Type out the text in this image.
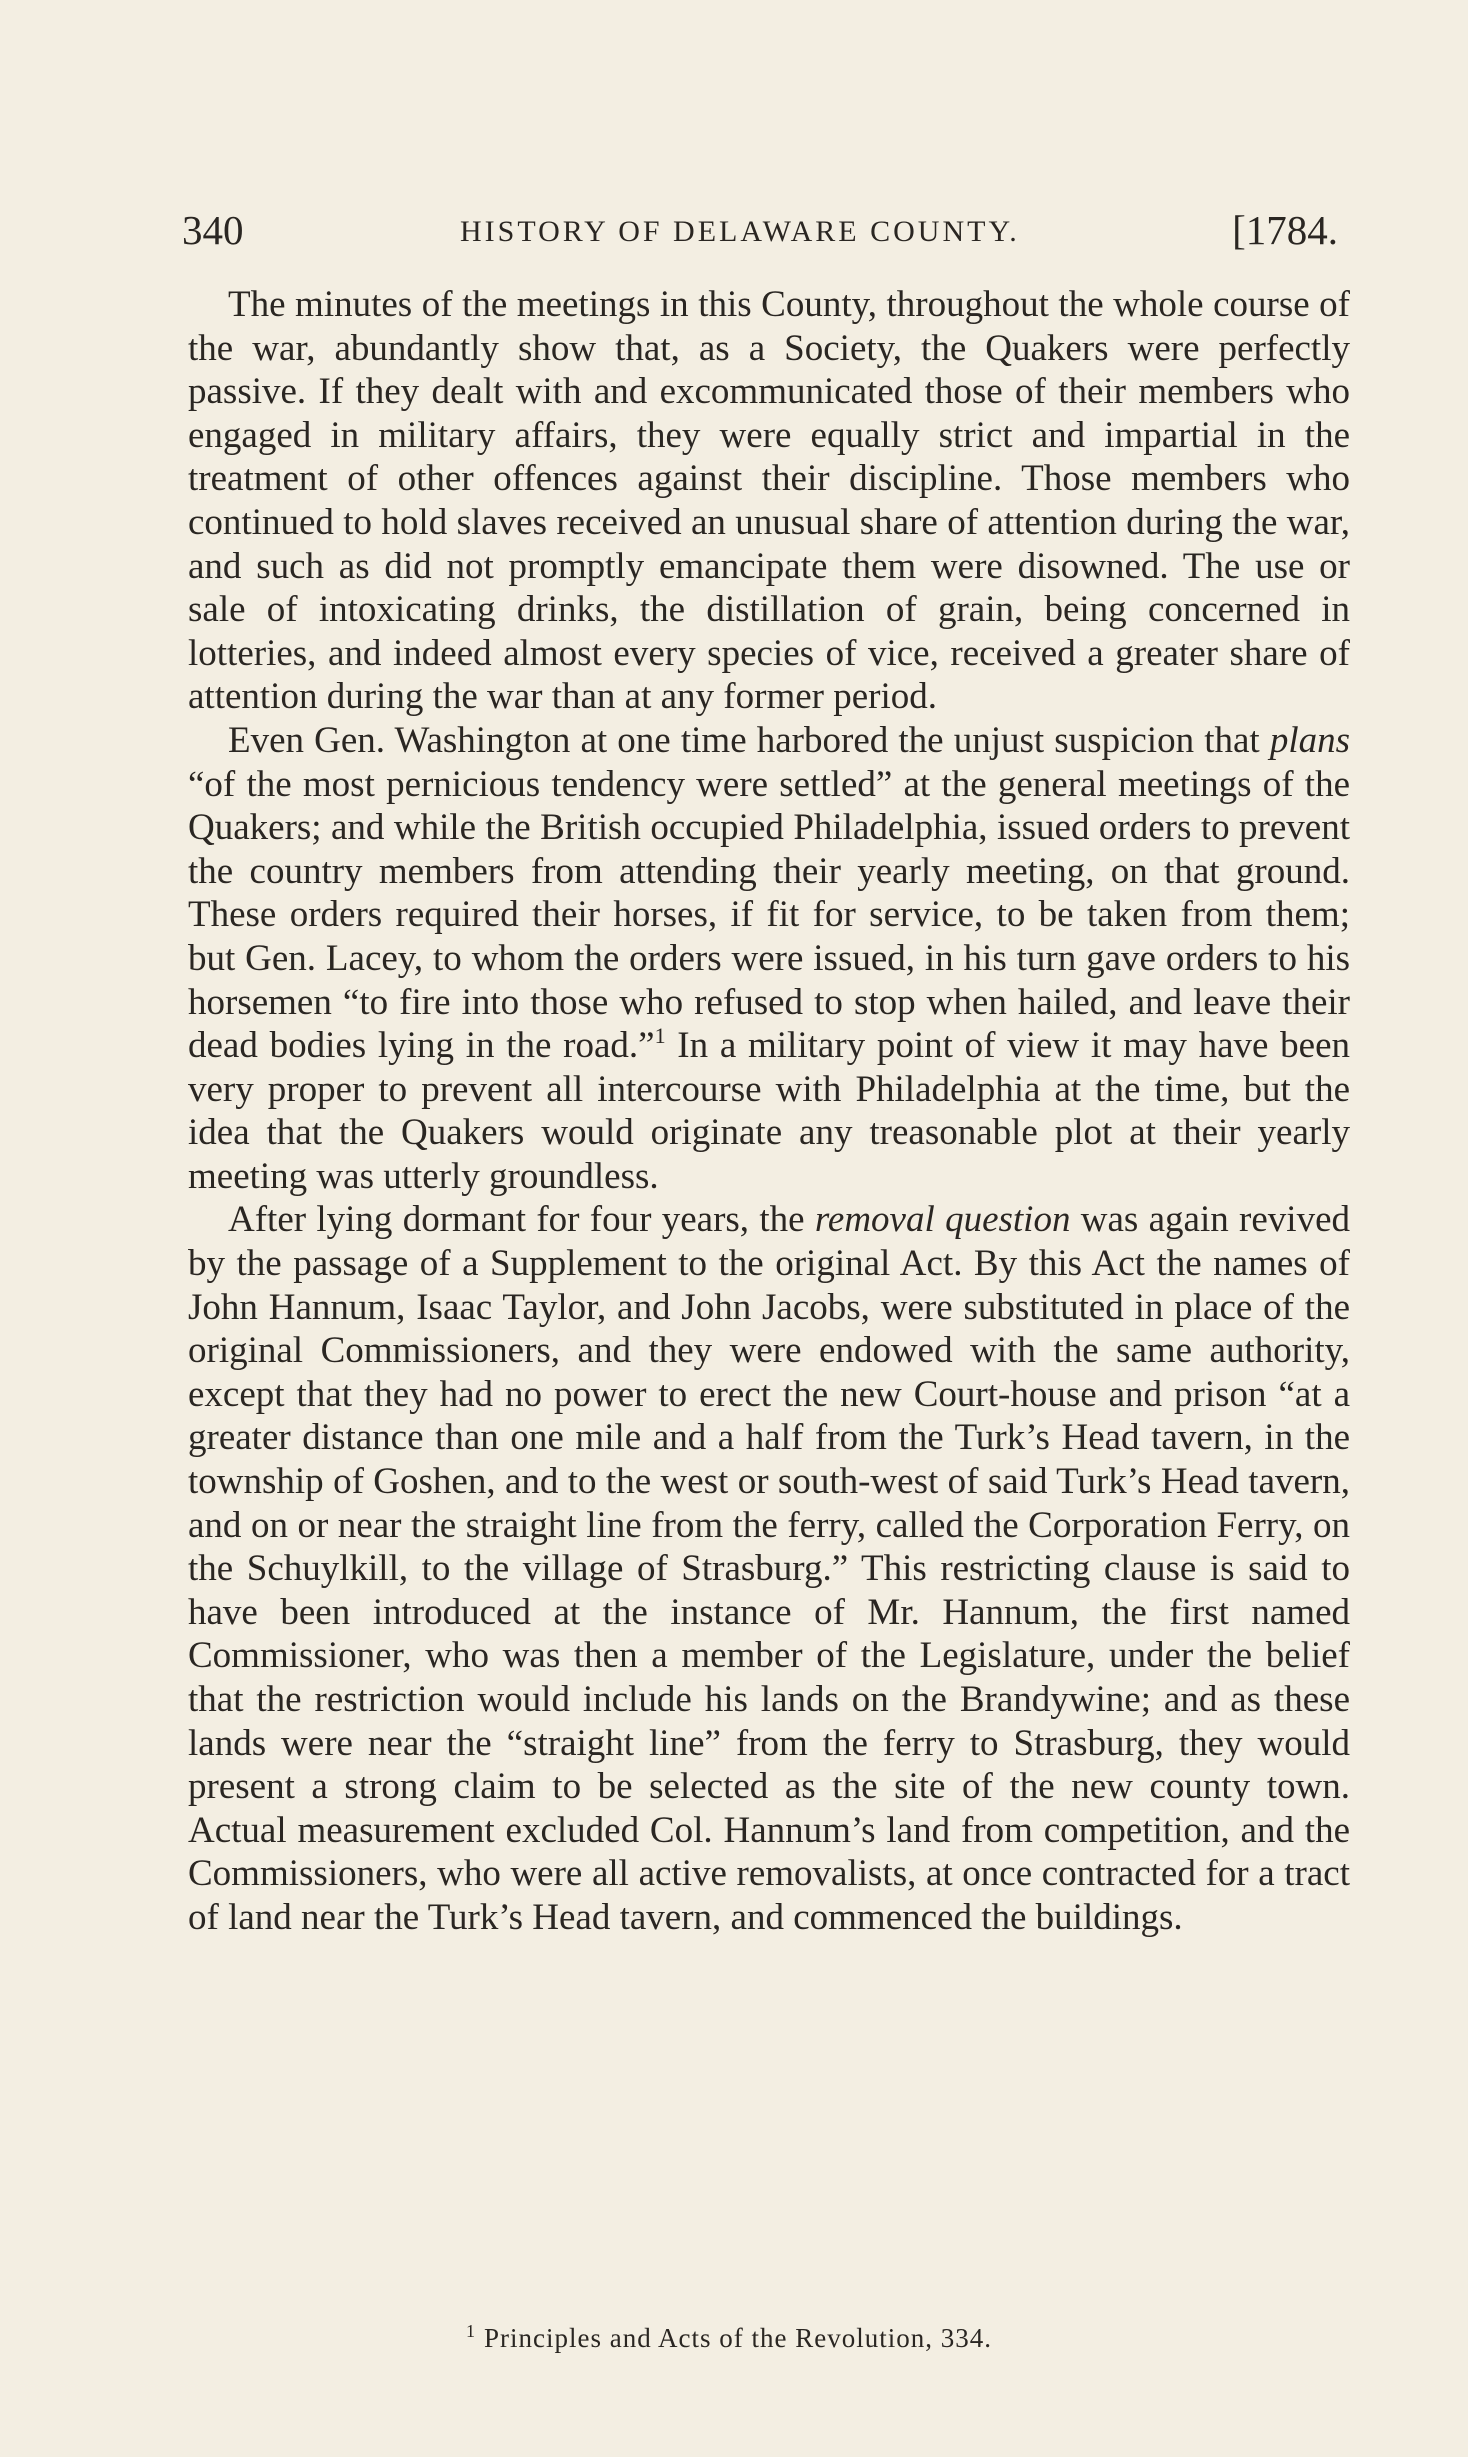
340	HISTORY OF DELAWARE COUNTY.	[1784.

The minutes of the meetings in this County, throughout the whole course of the war, abundantly show that, as a Society, the Quakers were perfectly passive. If they dealt with and excommunicated those of their members who engaged in military affairs, they were equally strict and impartial in the treatment of other offences against their discipline. Those members who continued to hold slaves received an unusual share of attention during the war, and such as did not promptly emancipate them were disowned. The use or sale of intoxicating drinks, the distillation of grain, being concerned in lotteries, and indeed almost every species of vice, received a greater share of attention during the war than at any former period.

Even Gen. Washington at one time harbored the unjust suspicion that plans “of the most pernicious tendency were settled” at the general meetings of the Quakers; and while the British occupied Philadelphia, issued orders to prevent the country members from attending their yearly meeting, on that ground. These orders required their horses, if fit for service, to be taken from them; but Gen. Lacey, to whom the orders were issued, in his turn gave orders to his horsemen “to fire into those who refused to stop when hailed, and leave their dead bodies lying in the road.”$^1$ In a military point of view it may have been very proper to prevent all intercourse with Philadelphia at the time, but the idea that the Quakers would originate any treasonable plot at their yearly meeting was utterly groundless.

After lying dormant for four years, the removal question was again revived by the passage of a Supplement to the original Act. By this Act the names of John Hannum, Isaac Taylor, and John Jacobs, were substituted in place of the original Commissioners, and they were endowed with the same authority, except that they had no power to erect the new Court-house and prison “at a greater distance than one mile and a half from the Turk’s Head tavern, in the township of Goshen, and to the west or south-west of said Turk’s Head tavern, and on or near the straight line from the ferry, called the Corporation Ferry, on the Schuylkill, to the village of Strasburg.” This restricting clause is said to have been introduced at the instance of Mr. Hannum, the first named Commissioner, who was then a member of the Legislature, under the belief that the restriction would include his lands on the Brandywine; and as these lands were near the “straight line” from the ferry to Strasburg, they would present a strong claim to be selected as the site of the new county town. Actual measurement excluded Col. Hannum’s land from competition, and the Commissioners, who were all active removalists, at once contracted for a tract of land near the Turk’s Head tavern, and commenced the buildings.

$^1$ Principles and Acts of the Revolution, 334.
